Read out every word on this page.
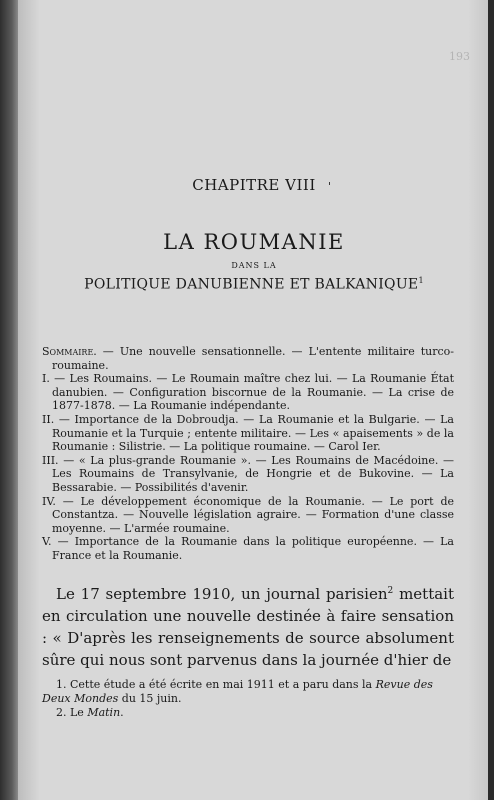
193
CHAPITRE VIII	'
LA ROUMANIE
DANS LA
POLITIQUE DANUBIENNE ET BALKANIQUE$^1$

Sommaire. — Une nouvelle sensationnelle. — L'entente militaire turco-roumaine.

I. — Les Roumains. — Le Roumain maître chez lui. — La Roumanie État danubien. — Configuration biscornue de la Roumanie. — La crise de 1877-1878. — La Roumanie indépendante.

II. — Importance de la Dobroudja. — La Roumanie et la Bulgarie. — La Roumanie et la Turquie ; entente militaire. — Les « apaisements » de la Roumanie : Silistrie. — La politique roumaine. — Carol Ier.

III. — « La plus-grande Roumanie ». — Les Roumains de Macédoine. — Les Roumains de Transylvanie, de Hongrie et de Bukovine. — La Bessarabie. — Possibilités d'avenir.

IV. — Le développement économique de la Roumanie. — Le port de Constantza. — Nouvelle législation agraire. — Formation d'une classe moyenne. — L'armée roumaine.

V. — Importance de la Roumanie dans la politique européenne. — La France et la Roumanie.

Le 17 septembre 1910, un journal parisien$^2$ mettait en circulation une nouvelle destinée à faire sensation : « D'après les renseignements de source absolument sûre qui nous sont parvenus dans la journée d'hier de

1. Cette étude a été écrite en mai 1911 et a paru dans la Revue des Deux Mondes du 15 juin.

2. Le Matin.
